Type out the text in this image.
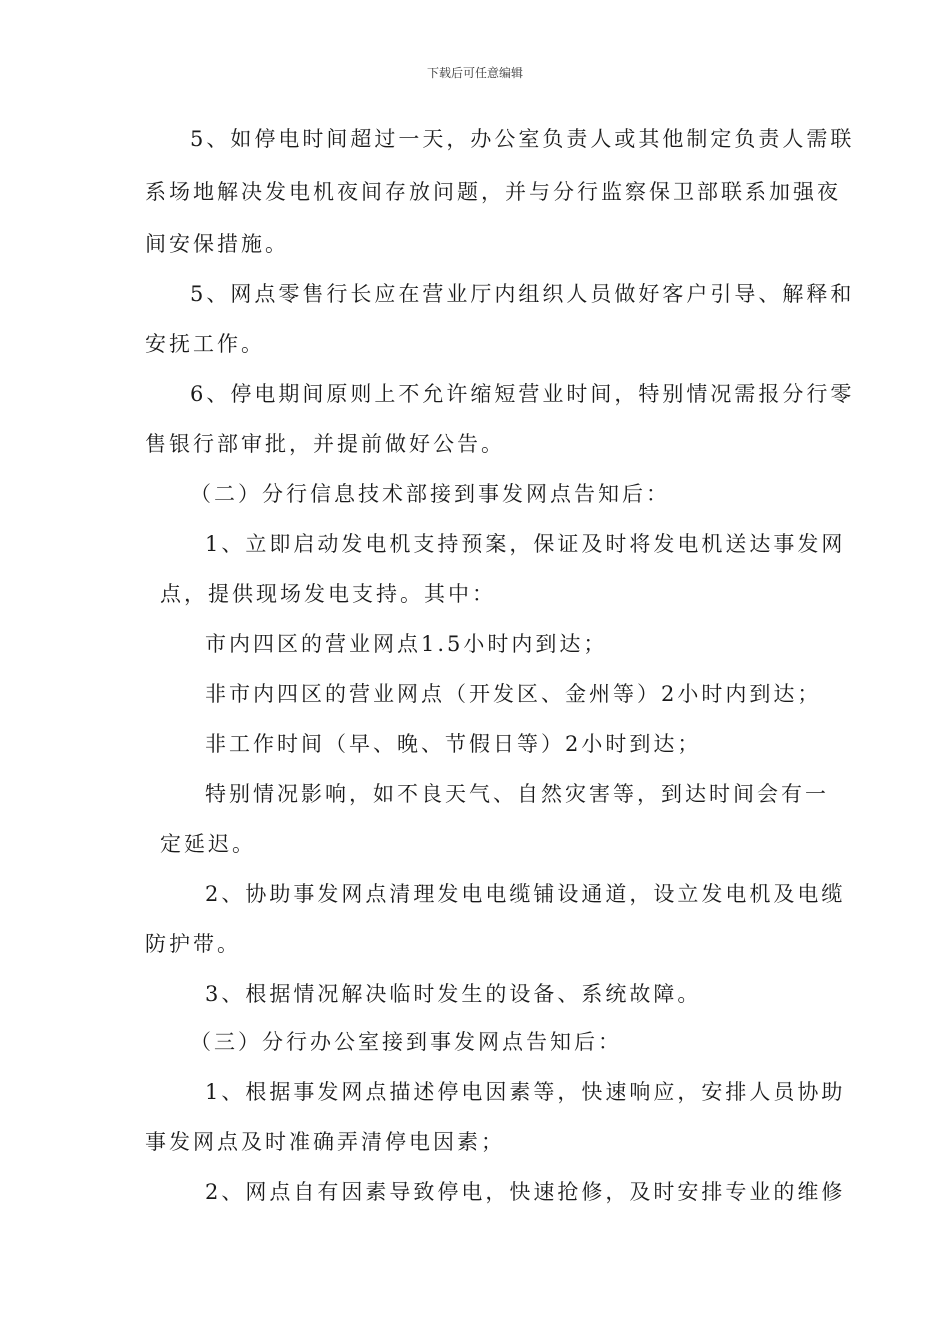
下载后可任意编辑
5、如停电时间超过一天，办公室负责人或其他制定负责人需联
系场地解决发电机夜间存放问题，并与分行监察保卫部联系加强夜
间安保措施。
5、网点零售行长应在营业厅内组织人员做好客户引导、解释和
安抚工作。
6、停电期间原则上不允许缩短营业时间，特别情况需报分行零
售银行部审批，并提前做好公告。
（二）分行信息技术部接到事发网点告知后：
1、立即启动发电机支持预案，保证及时将发电机送达事发网
点，提供现场发电支持。其中：
市内四区的营业网点1.5小时内到达；
非市内四区的营业网点（开发区、金州等）2小时内到达；
非工作时间（早、晚、节假日等）2小时到达；
特别情况影响，如不良天气、自然灾害等，到达时间会有一
定延迟。
2、协助事发网点清理发电电缆铺设通道，设立发电机及电缆
防护带。
3、根据情况解决临时发生的设备、系统故障。
（三）分行办公室接到事发网点告知后：
1、根据事发网点描述停电因素等，快速响应，安排人员协助
事发网点及时准确弄清停电因素；
2、网点自有因素导致停电，快速抢修，及时安排专业的维修
